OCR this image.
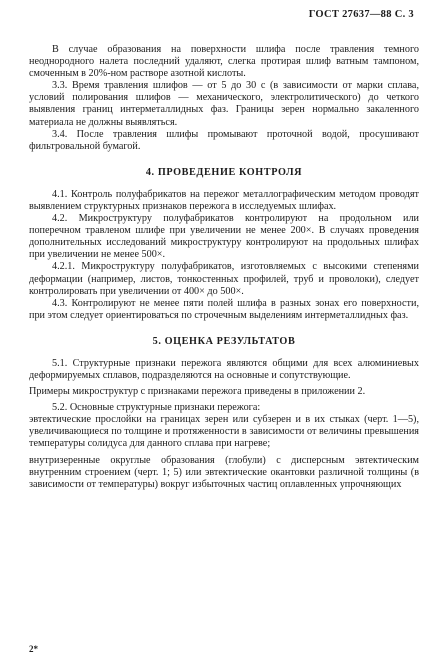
ГОСТ 27637—88 С. 3

В случае образования на поверхности шлифа после травления темного неоднородного налета последний удаляют, слегка протирая шлиф ватным тампоном, смоченным в 20%-ном растворе азотной кислоты.

3.3. Время травления шлифов — от 5 до 30 с (в зависимости от марки сплава, условий полирования шлифов — механического, электролитического) до четкого выявления границ интерметаллидных фаз. Границы зерен нормально закаленного материала не должны выявляться.

3.4. После травления шлифы промывают проточной водой, просушивают фильтровальной бумагой.

4. ПРОВЕДЕНИЕ КОНТРОЛЯ

4.1. Контроль полуфабрикатов на пережог металлографическим методом проводят выявлением структурных признаков пережога в исследуемых шлифах.

4.2. Микроструктуру полуфабрикатов контролируют на продольном или поперечном травленом шлифе при увеличении не менее 200×. В случаях проведения дополнительных исследований микроструктуру контролируют на продольных шлифах при увеличении не менее 500×.

4.2.1. Микроструктуру полуфабрикатов, изготовляемых с высокими степенями деформации (например, листов, тонкостенных профилей, труб и проволоки), следует контролировать при увеличении от 400× до 500×.

4.3. Контролируют не менее пяти полей шлифа в разных зонах его поверхности, при этом следует ориентироваться по строчечным выделениям интерметаллидных фаз.

5. ОЦЕНКА РЕЗУЛЬТАТОВ

5.1. Структурные признаки пережога являются общими для всех алюминиевых деформируемых сплавов, подразделяются на основные и сопутствующие.

Примеры микроструктур с признаками пережога приведены в приложении 2.

5.2. Основные структурные признаки пережога:

эвтектические прослойки на границах зерен или субзерен и в их стыках (черт. 1—5), увеличивающиеся по толщине и протяженности в зависимости от величины превышения температуры солидуса для данного сплава при нагреве;

внутризеренные округлые образования (глобули) с дисперсным эвтектическим внутренним строением (черт. 1; 5) или эвтектические окантовки различной толщины (в зависимости от температуры) вокруг избыточных частиц оплавленных упрочняющих

2*
